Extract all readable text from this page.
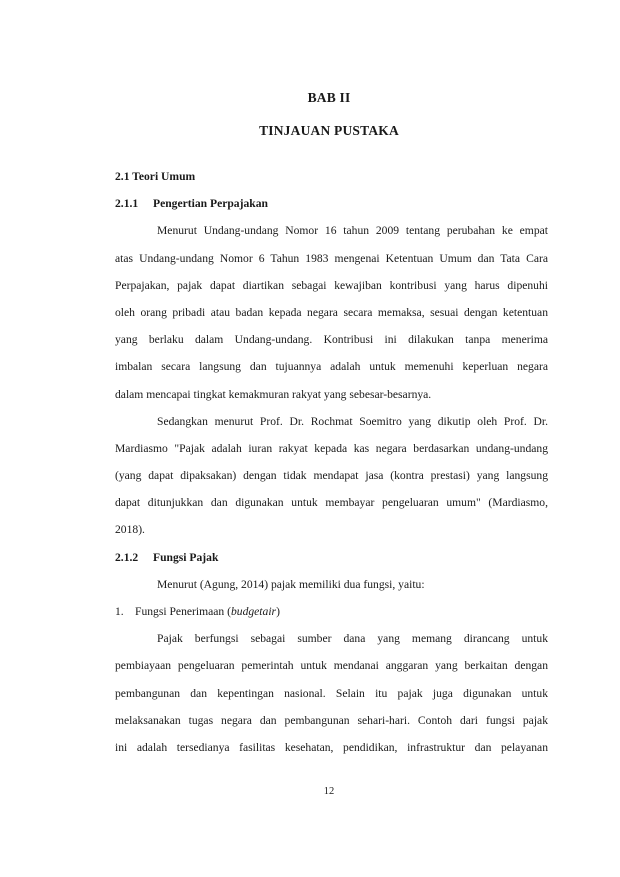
BAB II
TINJAUAN PUSTAKA
2.1 Teori Umum
2.1.1 Pengertian Perpajakan
Menurut Undang-undang Nomor 16 tahun 2009 tentang perubahan ke empat
atas Undang-undang Nomor 6 Tahun 1983 mengenai Ketentuan Umum dan Tata Cara
Perpajakan, pajak dapat diartikan sebagai kewajiban kontribusi yang harus dipenuhi
oleh orang pribadi atau badan kepada negara secara memaksa, sesuai dengan ketentuan
yang berlaku dalam Undang-undang. Kontribusi ini dilakukan tanpa menerima
imbalan secara langsung dan tujuannya adalah untuk memenuhi keperluan negara
dalam mencapai tingkat kemakmuran rakyat yang sebesar-besarnya.
Sedangkan menurut Prof. Dr. Rochmat Soemitro yang dikutip oleh Prof. Dr.
Mardiasmo "Pajak adalah iuran rakyat kepada kas negara berdasarkan undang-undang
(yang dapat dipaksakan) dengan tidak mendapat jasa (kontra prestasi) yang langsung
dapat ditunjukkan dan digunakan untuk membayar pengeluaran umum" (Mardiasmo,
2018).
2.1.2 Fungsi Pajak
Menurut (Agung, 2014) pajak memiliki dua fungsi, yaitu:
1. Fungsi Penerimaan (budgetair)
Pajak berfungsi sebagai sumber dana yang memang dirancang untuk
pembiayaan pengeluaran pemerintah untuk mendanai anggaran yang berkaitan dengan
pembangunan dan kepentingan nasional. Selain itu pajak juga digunakan untuk
melaksanakan tugas negara dan pembangunan sehari-hari. Contoh dari fungsi pajak
ini adalah tersedianya fasilitas kesehatan, pendidikan, infrastruktur dan pelayanan
12
